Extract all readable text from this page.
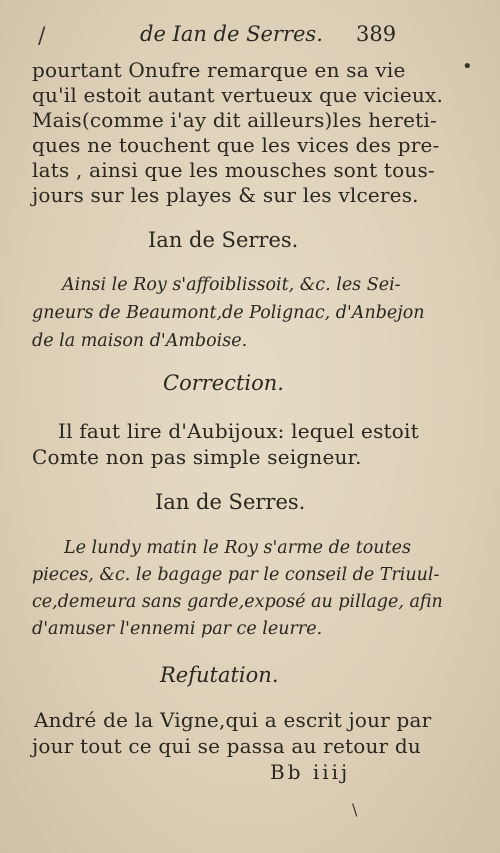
/	de Ian de Serres. 389
•
pourtant Onufre remarque en sa vie
qu'il estoit autant vertueux que vicieux.
Mais(comme i'ay dit ailleurs)les hereti-
ques ne touchent que les vices des pre-
lats , ainsi que les mousches sont tous-
jours sur les playes & sur les vlceres.
Ian de Serres.
Ainsi le Roy s'affoiblissoit, &c. les Sei-
gneurs de Beaumont,de Polignac, d'Anbejon
de la maison d'Amboise.
Correction.
Il faut lire d'Aubijoux: lequel estoit
Comte non pas simple seigneur.
Ian de Serres.
Le lundy matin le Roy s'arme de toutes
pieces, &c. le bagage par le conseil de Triuul-
ce,demeura sans garde,exposé au pillage, afin
d'amuser l'ennemi par ce leurre.
Refutation.
André de la Vigne,qui a escrit jour par
jour tout ce qui se passa au retour du
Bb iiij
\
